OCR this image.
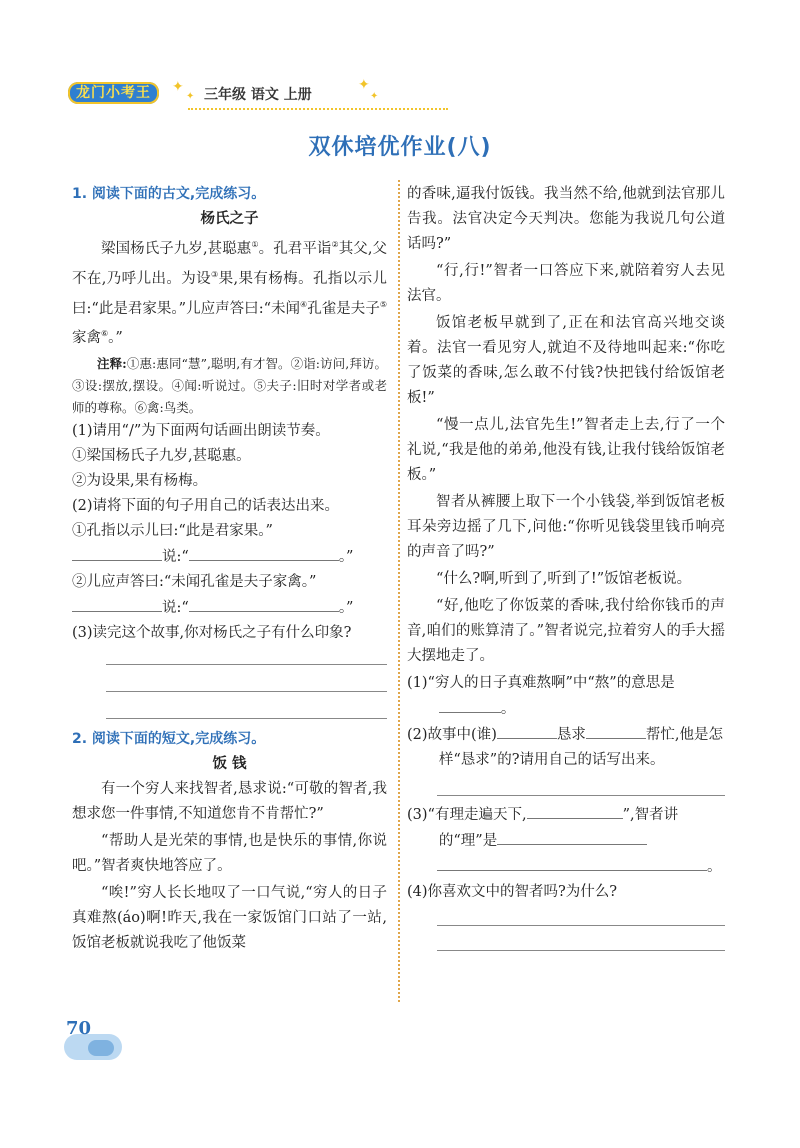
龙门小考王	✦
✦ 三年级 语文 上册
✦
✦
双休培优作业(八)
1. 阅读下面的古文,完成练习。
杨氏之子

梁国杨氏子九岁,甚聪惠①。孔君平诣②其父,父不在,乃呼儿出。为设③果,果有杨梅。孔指以示儿曰:“此是君家果。”儿应声答曰:“未闻④孔雀是夫子⑤家禽⑥。”

注释:①惠:惠同“慧”,聪明,有才智。②诣:访问,拜访。③设:摆放,摆设。④闻:听说过。⑤夫子:旧时对学者或老师的尊称。⑥禽:鸟类。

(1)请用“/”为下面两句话画出朗读节奏。

①梁国杨氏子九岁,甚聪惠。

②为设果,果有杨梅。

(2)请将下面的句子用自己的话表达出来。

①孔指以示儿曰:“此是君家果。”

说:“	。”

②儿应声答曰:“未闻孔雀是夫子家禽。”

说:“	。”

(3)读完这个故事,你对杨氏之子有什么印象?

2. 阅读下面的短文,完成练习。
饭 钱

有一个穷人来找智者,恳求说:“可敬的智者,我想求您一件事情,不知道您肯不肯帮忙?”

“帮助人是光荣的事情,也是快乐的事情,你说吧。”智者爽快地答应了。

“唉!”穷人长长地叹了一口气说,“穷人的日子真难熬(áo)啊!昨天,我在一家饭馆门口站了一站,饭馆老板就说我吃了他饭菜

的香味,逼我付饭钱。我当然不给,他就到法官那儿告我。法官决定今天判决。您能为我说几句公道话吗?”

“行,行!”智者一口答应下来,就陪着穷人去见法官。

饭馆老板早就到了,正在和法官高兴地交谈着。法官一看见穷人,就迫不及待地叫起来:“你吃了饭菜的香味,怎么敢不付钱?快把钱付给饭馆老板!”

“慢一点儿,法官先生!”智者走上去,行了一个礼说,“我是他的弟弟,他没有钱,让我付钱给饭馆老板。”

智者从裤腰上取下一个小钱袋,举到饭馆老板耳朵旁边摇了几下,问他:“你听见钱袋里钱币响亮的声音了吗?”

“什么?啊,听到了,听到了!”饭馆老板说。

“好,他吃了你饭菜的香味,我付给你钱币的声音,咱们的账算清了。”智者说完,拉着穷人的手大摇大摆地走了。

(1)“穷人的日子真难熬啊”中“熬”的意思是。

(2)故事中(谁)	恳求	帮忙,他是怎样“恳求”的?请用自己的话写出来。

(3)“有理走遍天下,	”,智者讲的“理”是

。

(4)你喜欢文中的智者吗?为什么?

70
